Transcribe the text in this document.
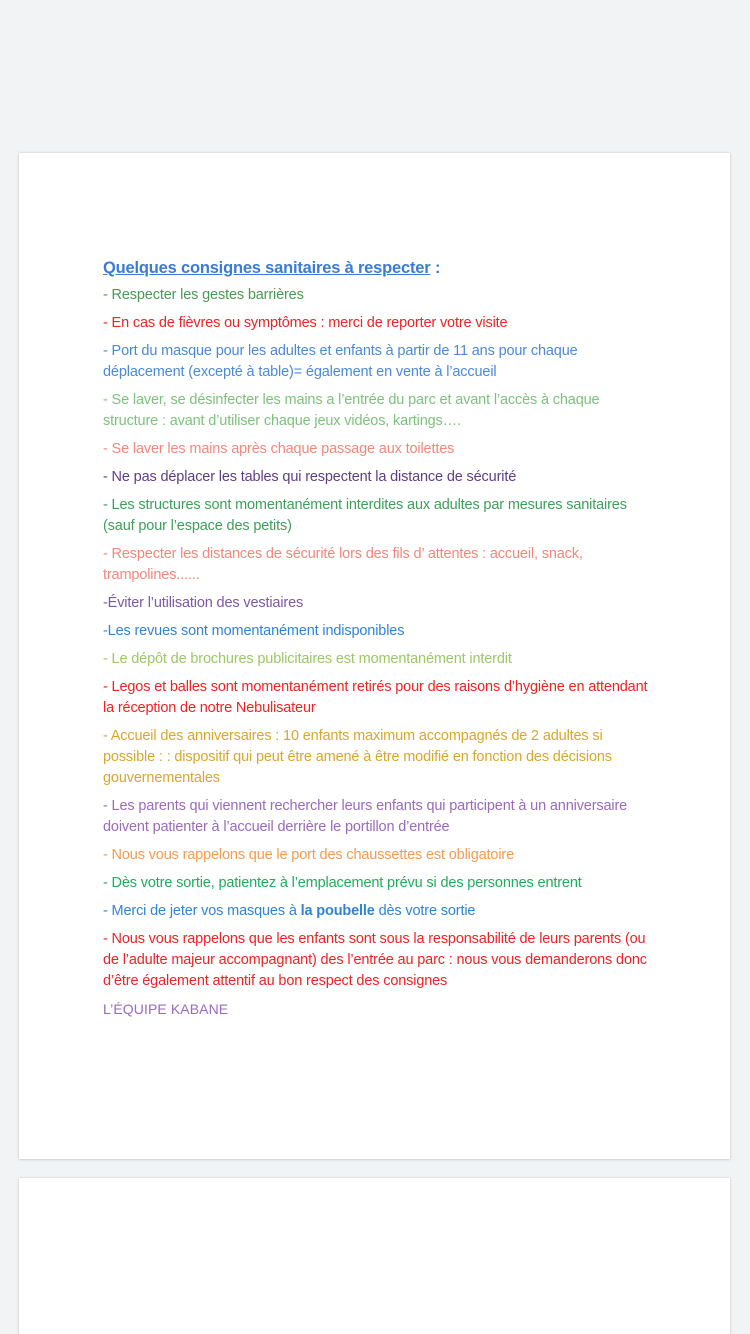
Quelques consignes sanitaires à respecter :
- Respecter les gestes barrières
- En cas de fièvres ou symptômes : merci de reporter votre visite
- Port du masque pour les adultes et enfants à partir de 11 ans pour chaque déplacement (excepté à table)= également en vente à l’accueil
- Se laver, se désinfecter les mains a l’entrée du parc et avant l’accès à chaque structure : avant d’utiliser chaque jeux vidéos, kartings….
- Se laver les mains après chaque passage aux toilettes
- Ne pas déplacer les tables qui respectent la distance de sécurité
- Les structures sont momentanément interdites aux adultes par mesures sanitaires (sauf pour l’espace des petits)
- Respecter les distances de sécurité lors des fils d’ attentes : accueil, snack, trampolines......
-Éviter l’utilisation des vestiaires
-Les revues sont momentanément indisponibles
- Le dépôt de brochures publicitaires est momentanément interdit
- Legos et balles sont momentanément retirés pour des raisons d’hygiène en attendant la réception de notre Nebulisateur
- Accueil des anniversaires : 10 enfants maximum accompagnés de 2 adultes si possible : : dispositif qui peut être amené à être modifié en fonction des décisions gouvernementales
- Les parents qui viennent rechercher leurs enfants qui participent à un anniversaire doivent patienter à l’accueil derrière le portillon d’entrée
- Nous vous rappelons que le port des chaussettes est obligatoire
- Dès votre sortie, patientez à l’emplacement prévu si des personnes entrent
- Merci de jeter vos masques à la poubelle dès votre sortie
- Nous vous rappelons que les enfants sont sous la responsabilité de leurs parents (ou de l’adulte majeur accompagnant) des l’entrée au parc : nous vous demanderons donc d’être également attentif au bon respect des consignes
L’ÉQUIPE KABANE
